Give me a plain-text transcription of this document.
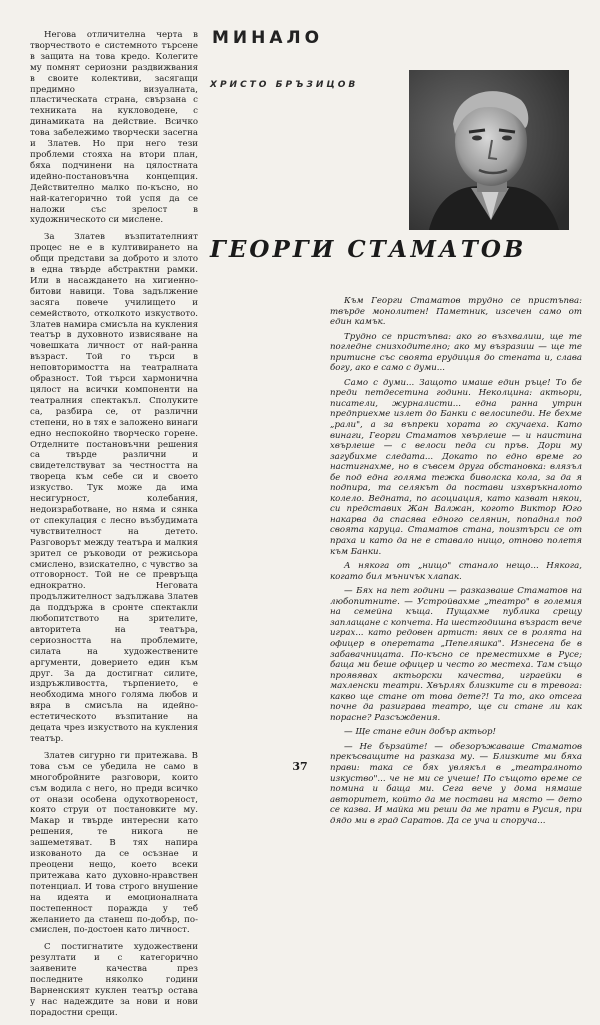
Негова отличителна черта в творчеството е системното търсене в защита на това кредо. Колегите му помнят сериозни раздвижвания в своите колективи, засягащи предимно визуалната, пластическата страна, свързана с техниката на кукловодене, с динамиката на действие. Всичко това забележимо творчески засегна и Златев. Но при него тези проблеми стояха на втори план, бяха подчинени на цялостната идейно-постановъчна концепция. Действително малко по-късно, но най-категорично той успя да се наложи със зрелост в художническото си мислене.

За Златев възпитателният процес не е в култивирането на общи представи за доброто и злото в една твърде абстрактни рамки. Или в насаждането на хигиенно-битови навици. Това задължение засяга повече училището и семейството, отколкото изкуството. Златев намира смисъла на кукления театър в духовното извисяване на човешката личност от най-ранна възраст. Той го търси в неповторимостта на театралната образност. Той търси хармонична цялост на всички компоненти на театралния спектакъл. Сполуките са, разбира се, от различни степени, но в тях е заложено винаги едно неспокойно творческо горене. Отделните постановъчни решения са твърде различни и свидетелствуват за честността на твореца към себе си и своето изкуство. Тук може да има несигурност, колебания, недоизработване, но няма и сянка от спекулация с лесно възбудимата чувствителност на детето. Разговорът между театъра и малкия зрител се ръководи от режисьора смислено, взискателно, с чувство за отговорност. Той не се превръща еднократно. Неговата продължителност задължава Златев да поддържа в сронте спектакли любопитството на зрителите, авторитета на театъра, сериозността на проблемите, силата на художествените аргументи, доверието един към друг. За да достигнат силите, издръжливостта, търпението, е необходима много голяма любов и вяра в смисъла на идейно-естетическото възпитание на децата чрез изкуството на кукления театър.

Златев сигурно ги притежава. В това съм се убедила не само в многобройните разговори, които съм водила с него, но преди всичко от онази особена одухотвореност, която струи от постановките му. Макар и твърде интересни като решения, те никога не зашеметяват. В тях напира изкованото да се осъзнае и преоцени нещо, което всеки притежава като духовно-нравствен потенциал. И това строго внушение на идеята и емоционалната постепенност поражда у теб желанието да станеш по-добър, по-смислен, по-достоен като личност.

С постигнатите художествени резултати и с категорично заявените качества през последните няколко години Варненският куклен театър остава у нас надеждите за нови и нови порадостни срещи.

МИНАЛО
ХРИСТО БРЪЗИЦОВ
ГЕОРГИ СТАМАТОВ

Към Георги Стаматов трудно се пристъпва: твърде монолитен! Паметник, изсечен само от един камък.

Трудно се пристъпва: ако го възхвалиш, ще те погледне снизходително; ако му възразиш — ще те притисне със своята ерудиция до стената и, слава богу, ако е само с думи...

Само с думи... Защото имаше един ръце! То бе преди петдесетина години. Неколцина: актьори, писатели, журналисти... една ранна утрин предприехме излет до Банки с велосипеди. Не бехме „рали", а за въпреки хората го скучаеха. Като винаги, Георги Стаматов хвърлеше — и наистина хвърлеше — с велоси педа си пръв. Дори му загубихме следата... Докато по едно време го настигнахме, но в съвсем друга обстановка: влязъл бе под една голяма тежка биволска кола, за да я подпира, та селякът да постави изхвръкналото колело. Ведната, по асоциация, като казват някои, си представих Жан Валжан, когото Виктор Юго накарва да спасява едного селянин, попаднал под своята каруца. Стаматов стана, поизтърси се от праха и като да не е ставало нищо, отново полетя към Банки.

А някога от „нищо" станало нещо... Някога, когато бил мъничък хлапак.

— Бях на пет години — разказваше Стаматов на любопитните. — Устройвахме „театро" в големия на семейна къща. Пущахме публика срещу заплащане с копчета. На шестгодишна възраст вече играх... като редовен артист: явих се в ролята на офицер в оперетата „Пепеляшка". Изнесена бе в забавачницата. По-късно се преместихме в Русе; баща ми беше офицер и често го местеха. Там също проявявах актьорски качества, играейки в махленски театри. Хвърлях близките си в тревога: какво ще стане от това дете?! Та то, ако отсега почне да разиграва театро, ще си стане ли как порасне? Разсъждения.

— Ще стане един добър актьор!

— Не бързайте! — обезоръжаваше Стаматов прекъсващите на разказа му. — Близките ми бяха прави: така се бях увлякъл в „театралното изкуство"... че не ми се учеше! По същото време се помина и баща ми. Сега вече у дома нямаше авторитет, който да ме постави на място — дето се казва. И майка ми реши да ме прати в Русия, при дядо ми в град Саратов. Да се уча и споруча...

37
